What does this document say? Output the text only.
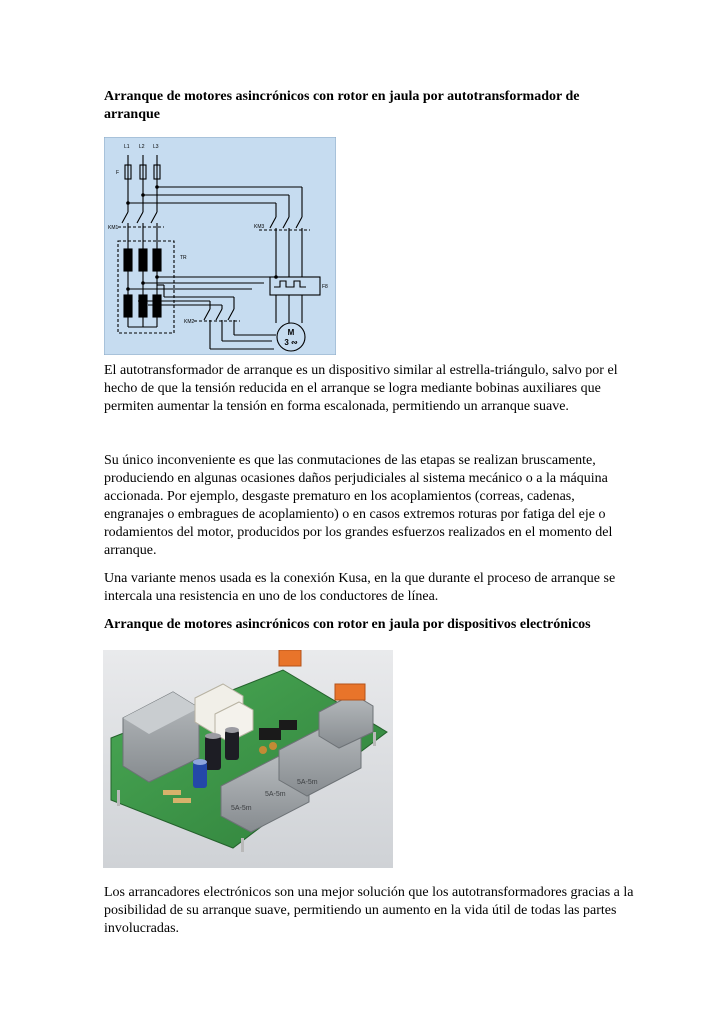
Arranque de motores asincrónicos con rotor en jaula por autotransformador de arranque
L1 L2 L3
F
KM1	KM3
TR
F8
KM2
M
3 ∾

El autotransformador de arranque es un dispositivo similar al estrella-triángulo, salvo por el hecho de que la tensión reducida en el arranque se logra mediante bobinas auxiliares que permiten aumentar la tensión en forma escalonada, permitiendo un arranque suave.

Su único inconveniente es que las conmutaciones de las etapas se realizan bruscamente, produciendo en algunas ocasiones daños perjudiciales al sistema mecánico o a la máquina accionada. Por ejemplo, desgaste prematuro en los acoplamientos (correas, cadenas, engranajes o embragues de acoplamiento) o en casos extremos roturas por fatiga del eje o rodamientos del motor, producidos por los grandes esfuerzos realizados en el momento del arranque.

Una variante menos usada es la conexión Kusa, en la que durante el proceso de arranque se intercala una resistencia en uno de los conductores de línea.

Arranque de motores asincrónicos con rotor en jaula por dispositivos electrónicos
5A-5m
5A-5m
5A-5m

Los arrancadores electrónicos son una mejor solución que los autotransformadores gracias a la posibilidad de su arranque suave, permitiendo un aumento en la vida útil de todas las partes involucradas.
